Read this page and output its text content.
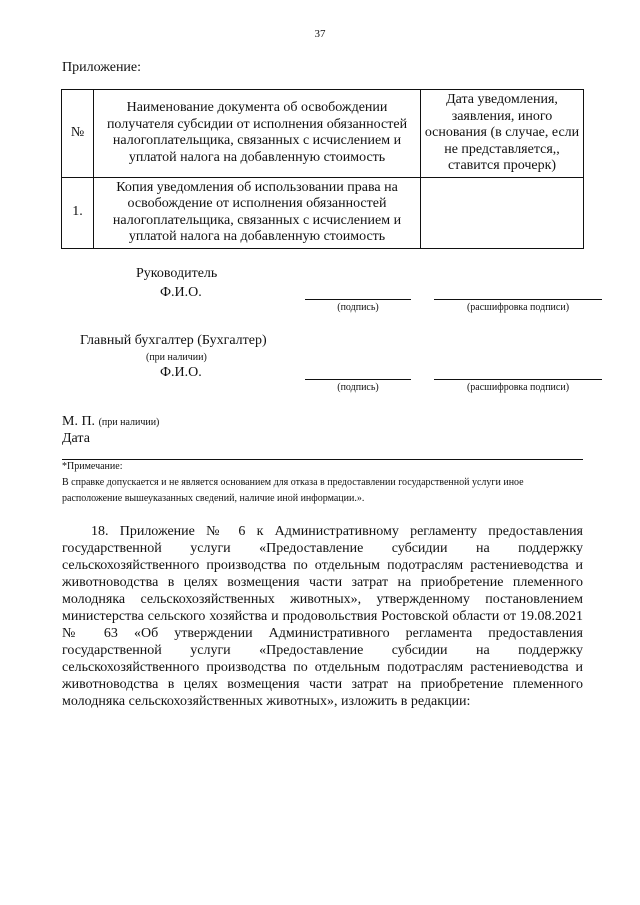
37
Приложение:
№	Наименование документа об освобождении получателя субсидии от исполнения обязанностей налогоплательщика, связанных с исчислением и уплатой налога на добавленную стоимость	Дата уведомления, заявления, иного основания (в случае, если не представляется,, ставится прочерк)
1.	Копия уведомления об использовании права на освобождение от исполнения обязанностей налогоплательщика, связанных с исчислением и уплатой налога на добавленную стоимость	
Руководитель
Ф.И.О.
(подпись)	(расшифровка подписи)
Главный бухгалтер (Бухгалтер)
(при наличии)
Ф.И.О.
(подпись)	(расшифровка подписи)
М. П. (при наличии)
Дата
*Примечание:
В справке допускается и не является основанием для отказа в предоставлении государственной услуги иное расположение вышеуказанных сведений, наличие иной информации.».
18. Приложение № 6 к Административному регламенту предоставления государственной услуги «Предоставление субсидии на поддержку сельскохозяйственного производства по отдельным подотраслям растениеводства и животноводства в целях возмещения части затрат на приобретение племенного молодняка сельскохозяйственных животных», утвержденному постановлением министерства сельского хозяйства и продовольствия Ростовской области от 19.08.2021 № 63 «Об утверждении Административного регламента предоставления государственной услуги «Предоставление субсидии на поддержку сельскохозяйственного производства по отдельным подотраслям растениеводства и животноводства в целях возмещения части затрат на приобретение племенного молодняка сельскохозяйственных животных», изложить в редакции:
